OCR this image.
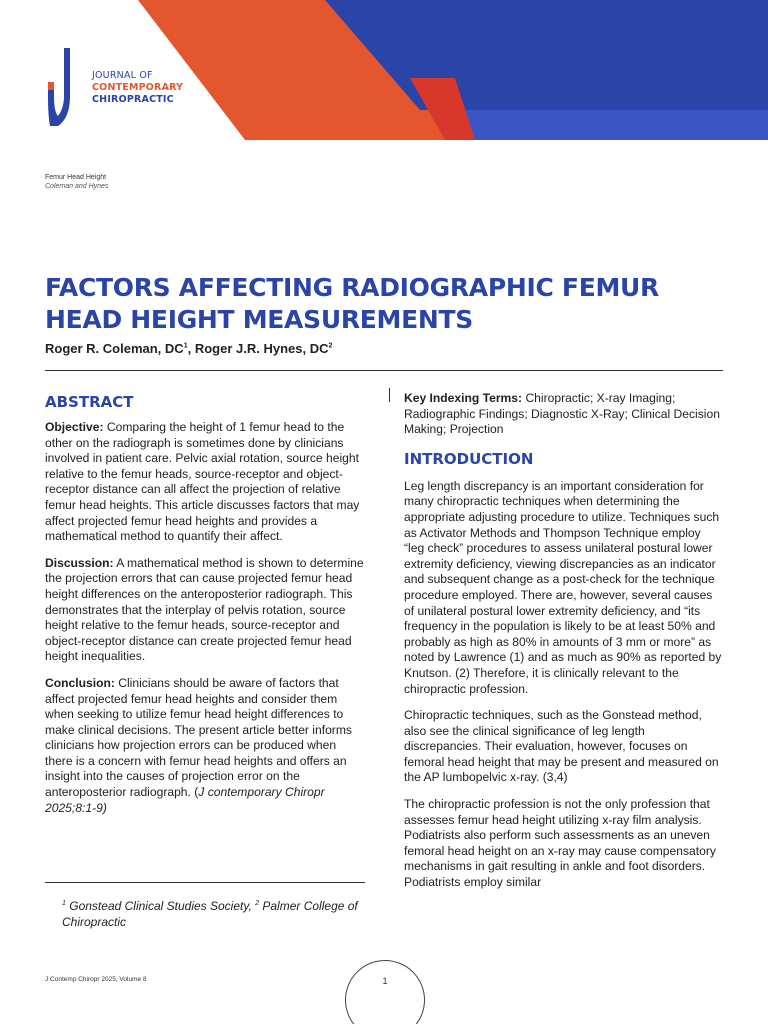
JOURNAL OF
CONTEMPORARY
CHIROPRACTIC
Femur Head Height
Coleman and Hynes
FACTORS AFFECTING RADIOGRAPHIC FEMUR HEAD HEIGHT MEASUREMENTS
Roger R. Coleman, $DC^1$, Roger J.R. Hynes, $DC^2$
ABSTRACT

Objective: Comparing the height of 1 femur head to the other on the radiograph is sometimes done by clinicians involved in patient care. Pelvic axial rotation, source height relative to the femur heads, source-receptor and object-receptor distance can all affect the projection of relative femur head heights. This article discusses factors that may affect projected femur head heights and provides a mathematical method to quantify their affect.

Discussion: A mathematical method is shown to determine the projection errors that can cause projected femur head height differences on the anteroposterior radiograph. This demonstrates that the interplay of pelvis rotation, source height relative to the femur heads, source-receptor and object-receptor distance can create projected femur head height inequalities.

Conclusion: Clinicians should be aware of factors that affect projected femur head heights and consider them when seeking to utilize femur head height differences to make clinical decisions. The present article better informs clinicians how projection errors can be produced when there is a concern with femur head heights and offers an insight into the causes of projection error on the anteroposterior radiograph. (J contemporary Chiropr 2025;8:1-9)

$^1$ Gonstead Clinical Studies Society, $^2$ Palmer College of Chiropractic

Key Indexing Terms: Chiropractic; X-ray Imaging; Radiographic Findings; Diagnostic X-Ray; Clinical Decision Making; Projection

INTRODUCTION

Leg length discrepancy is an important consideration for many chiropractic techniques when determining the appropriate adjusting procedure to utilize. Techniques such as Activator Methods and Thompson Technique employ “leg check” procedures to assess unilateral postural lower extremity deficiency, viewing discrepancies as an indicator and subsequent change as a post-check for the technique procedure employed. There are, however, several causes of unilateral postural lower extremity deficiency, and “its frequency in the population is likely to be at least 50% and probably as high as 80% in amounts of 3 mm or more” as noted by Lawrence (1) and as much as 90% as reported by Knutson. (2) Therefore, it is clinically relevant to the chiropractic profession.

Chiropractic techniques, such as the Gonstead method, also see the clinical significance of leg length discrepancies. Their evaluation, however, focuses on femoral head height that may be present and measured on the AP lumbopelvic x-ray. (3,4)

The chiropractic profession is not the only profession that assesses femur head height utilizing x-ray film analysis. Podiatrists also perform such assessments as an uneven femoral head height on an x-ray may cause compensatory mechanisms in gait resulting in ankle and foot disorders. Podiatrists employ similar

J Contemp Chiropr 2025, Volume 8	1
